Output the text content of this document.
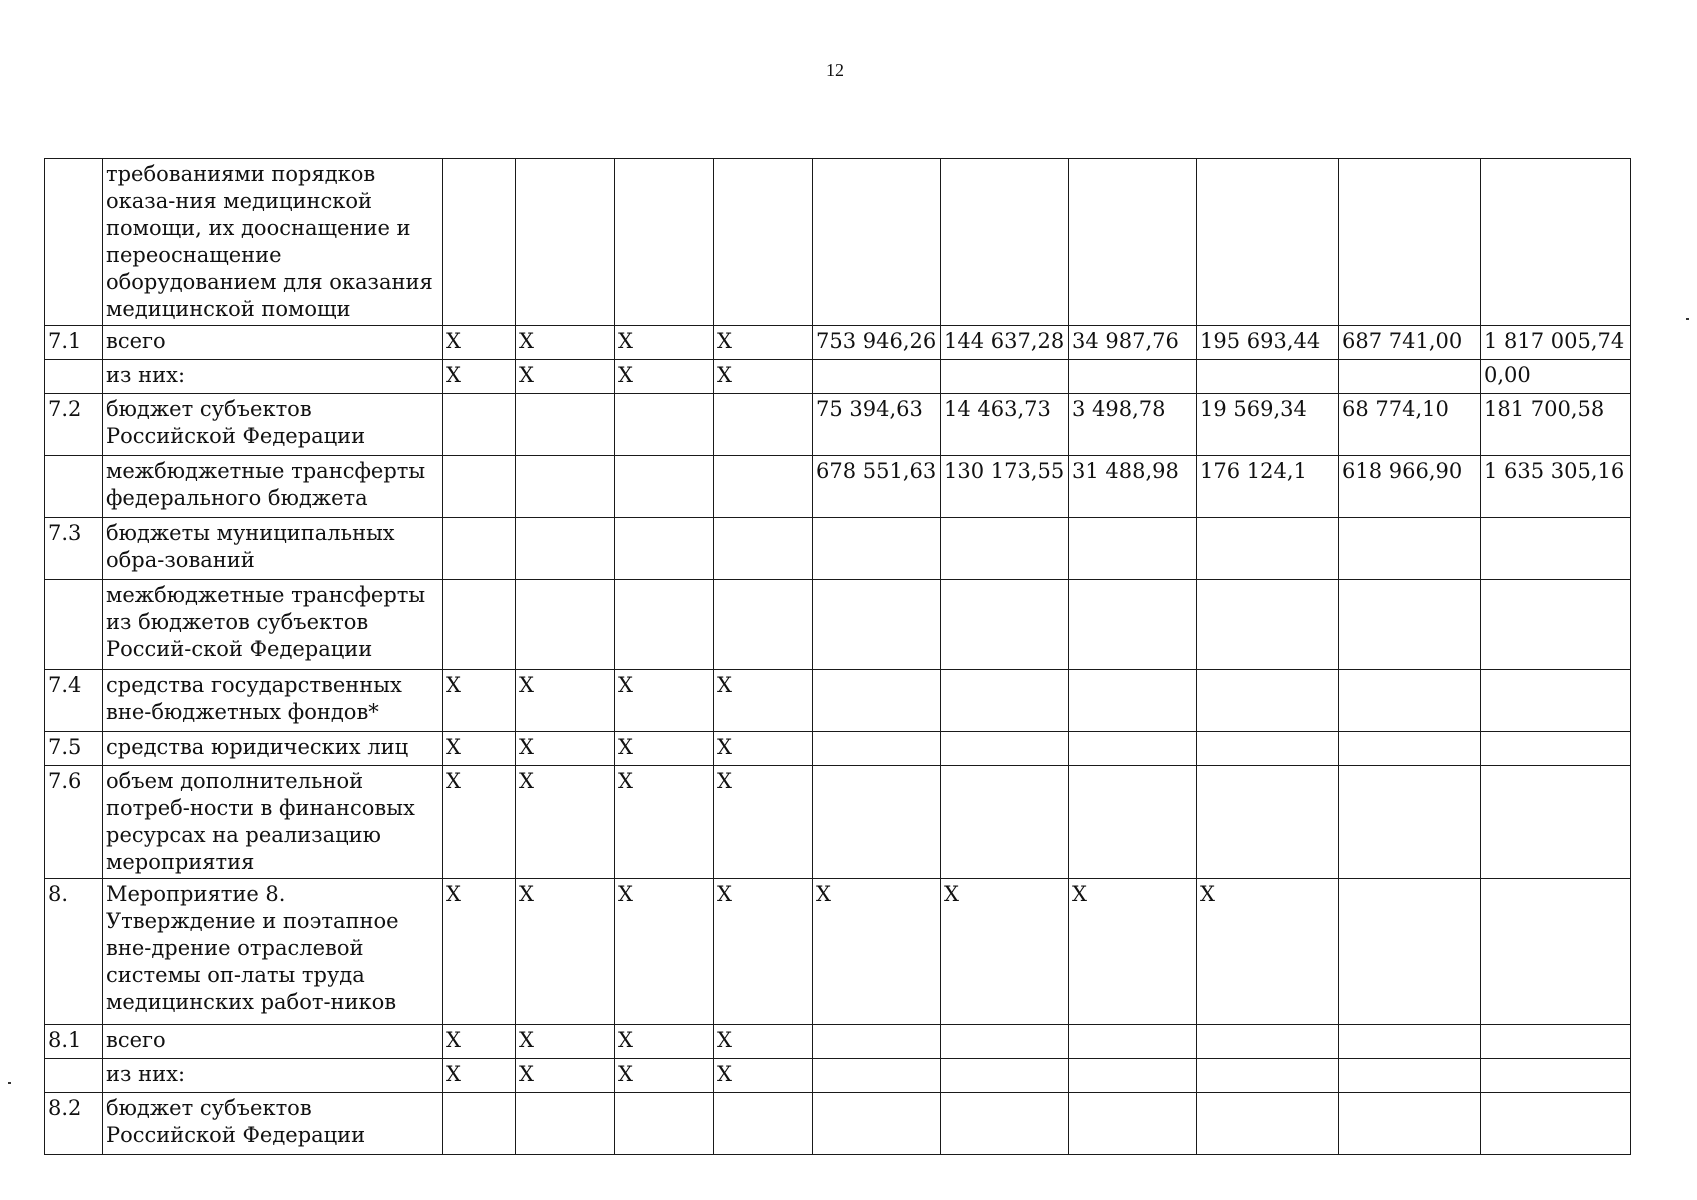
12
	требованиями порядков оказа-ния медицинской помощи, их дооснащение и переоснащение оборудованием для оказания медицинской помощи										
7.1	всего	X	X	X	X	753 946,26	144 637,28	34 987,76	195 693,44	687 741,00	1 817 005,74
	из них:	X	X	X	X						0,00
7.2	бюджет субъектов Российской Федерации					75 394,63	14 463,73	3 498,78	19 569,34	68 774,10	181 700,58
	межбюджетные трансферты федерального бюджета					678 551,63	130 173,55	31 488,98	176 124,1	618 966,90	1 635 305,16
7.3	бюджеты муниципальных обра-зований										
	межбюджетные трансферты из бюджетов субъектов Россий-ской Федерации										
7.4	средства государственных вне-бюджетных фондов*	X	X	X	X						
7.5	средства юридических лиц	X	X	X	X						
7.6	объем дополнительной потреб-ности в финансовых ресурсах на реализацию мероприятия	X	X	X	X						
8.	Мероприятие 8. Утверждение и поэтапное вне-дрение отраслевой системы оп-латы труда медицинских работ-ников	X	X	X	X	X	X	X	X		
8.1	всего	X	X	X	X						
	из них:	X	X	X	X						
8.2	бюджет субъектов Российской Федерации										
